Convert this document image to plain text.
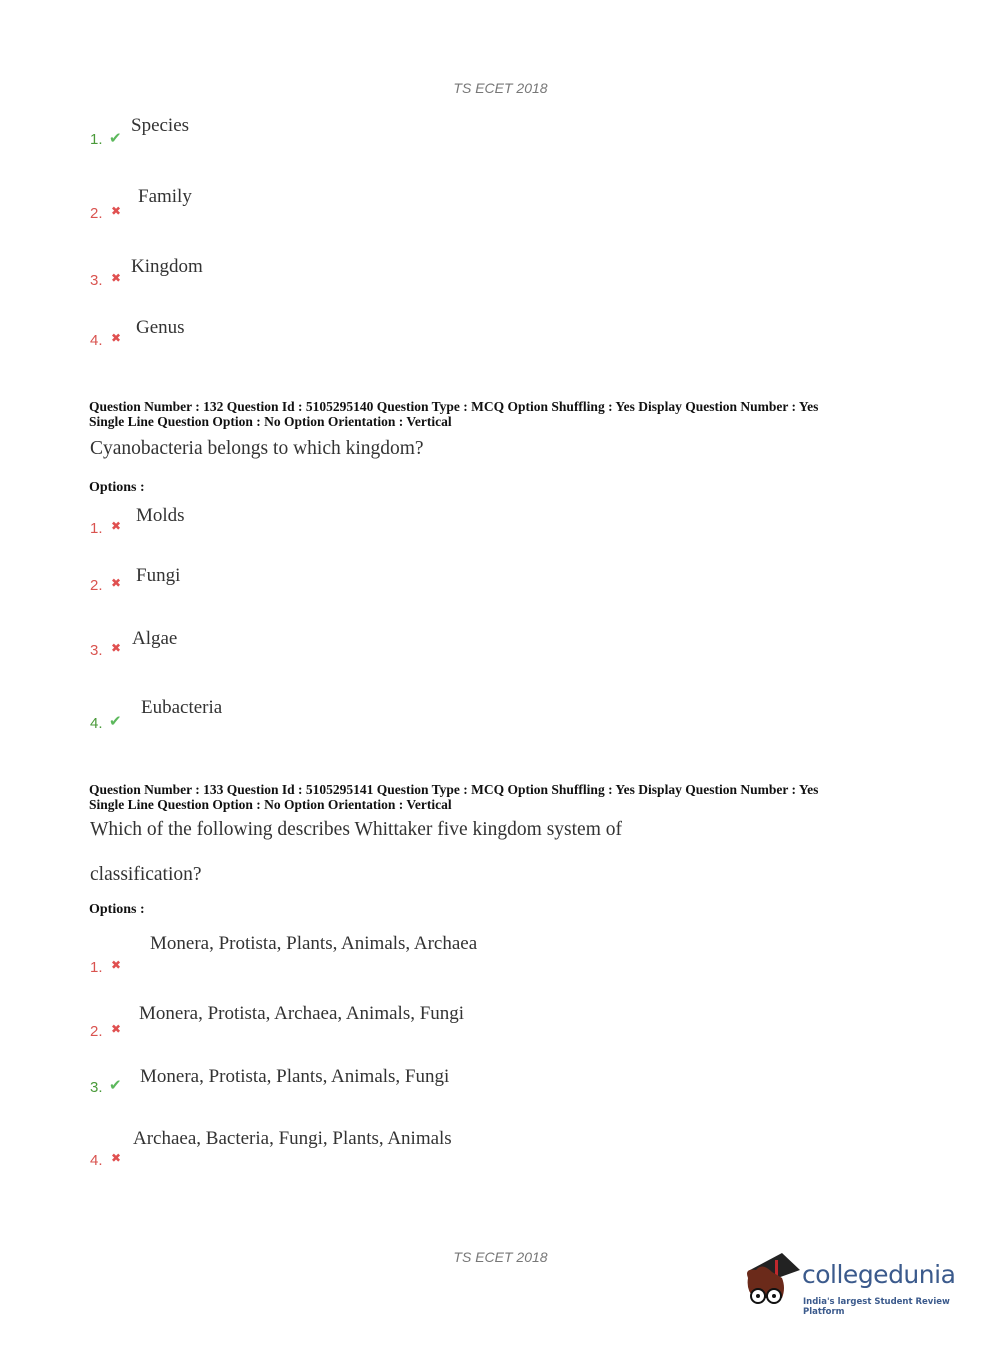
TS ECET 2018
1. ✔
Species
2. ✖
Family
3. ✖
Kingdom
4. ✖ Genus
Question Number : 132 Question Id : 5105295140 Question Type : MCQ Option Shuffling : Yes Display Question Number : Yes
Single Line Question Option : No Option Orientation : Vertical
Cyanobacteria belongs to which kingdom?
Options :
1. ✖ Molds
2. ✖ Fungi
3. ✖ Algae
4. ✔
Eubacteria
Question Number : 133 Question Id : 5105295141 Question Type : MCQ Option Shuffling : Yes Display Question Number : Yes
Single Line Question Option : No Option Orientation : Vertical
Which of the following describes Whittaker five kingdom system of
classification?
Options :
1. ✖
Monera, Protista, Plants, Animals, Archaea
2. ✖
Monera, Protista, Archaea, Animals, Fungi
3. ✔ Monera, Protista, Plants, Animals, Fungi
4. ✖
Archaea, Bacteria, Fungi, Plants, Animals
TS ECET 2018
collegedunia
India's largest Student Review Platform
